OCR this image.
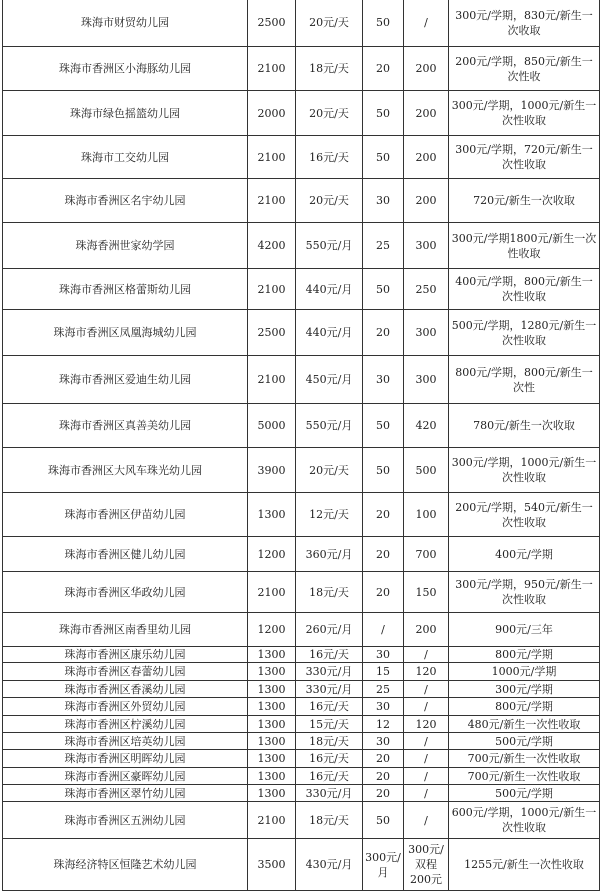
珠海市财贸幼儿园	2500	20元/天	50	/	300元/学期，830元/新生一次收取
珠海市香洲区小海豚幼儿园	2100	18元/天	20	200	200元/学期，850元/新生一次性收
珠海市绿色摇篮幼儿园	2000	20元/天	50	200	300元/学期，1000元/新生一次性收取
珠海市工交幼儿园	2100	16元/天	50	200	300元/学期，720元/新生一次性收取
珠海市香洲区名宇幼儿园	2100	20元/天	30	200	720元/新生一次收取
珠海香洲世家幼学园	4200	550元/月	25	300	300元/学期1800元/新生一次性收取
珠海市香洲区格蕾斯幼儿园	2100	440元/月	50	250	400元/学期，800元/新生一次性收取
珠海市香洲区凤凰海城幼儿园	2500	440元/月	20	300	500元/学期，1280元/新生一次性收取
珠海市香洲区爱迪生幼儿园	2100	450元/月	30	300	800元/学期，800元/新生一次性
珠海市香洲区真善美幼儿园	5000	550元/月	50	420	780元/新生一次收取
珠海市香洲区大风车珠光幼儿园	3900	20元/天	50	500	300元/学期，1000元/新生一次性收取
珠海市香洲区伊苗幼儿园	1300	12元/天	20	100	200元/学期，540元/新生一次性收取
珠海市香洲区健儿幼儿园	1200	360元/月	20	700	400元/学期
珠海市香洲区华政幼儿园	2100	18元/天	20	150	300元/学期，950元/新生一次性收取
珠海市香洲区南香里幼儿园	1200	260元/月	/	200	900元/三年
珠海市香洲区康乐幼儿园	1300	16元/天	30	/	800元/学期
珠海市香洲区春蕾幼儿园	1300	330元/月	15	120	1000元/学期
珠海市香洲区香溪幼儿园	1300	330元/月	25	/	300元/学期
珠海市香洲区外贸幼儿园	1300	16元/天	30	/	800元/学期
珠海市香洲区柠溪幼儿园	1300	15元/天	12	120	480元/新生一次性收取
珠海市香洲区培英幼儿园	1300	18元/天	30	/	500元/学期
珠海市香洲区明晖幼儿园	1300	16元/天	20	/	700元/新生一次性收取
珠海市香洲区豪晖幼儿园	1300	16元/天	20	/	700元/新生一次性收取
珠海市香洲区翠竹幼儿园	1300	330元/月	20	/	500元/学期
珠海市香洲区五洲幼儿园	2100	18元/天	50	/	600元/学期，1000元/新生一次性收取
珠海经济特区恒隆艺术幼儿园	3500	430元/月	300元/月	300元/双程200元	1255元/新生一次性收取
